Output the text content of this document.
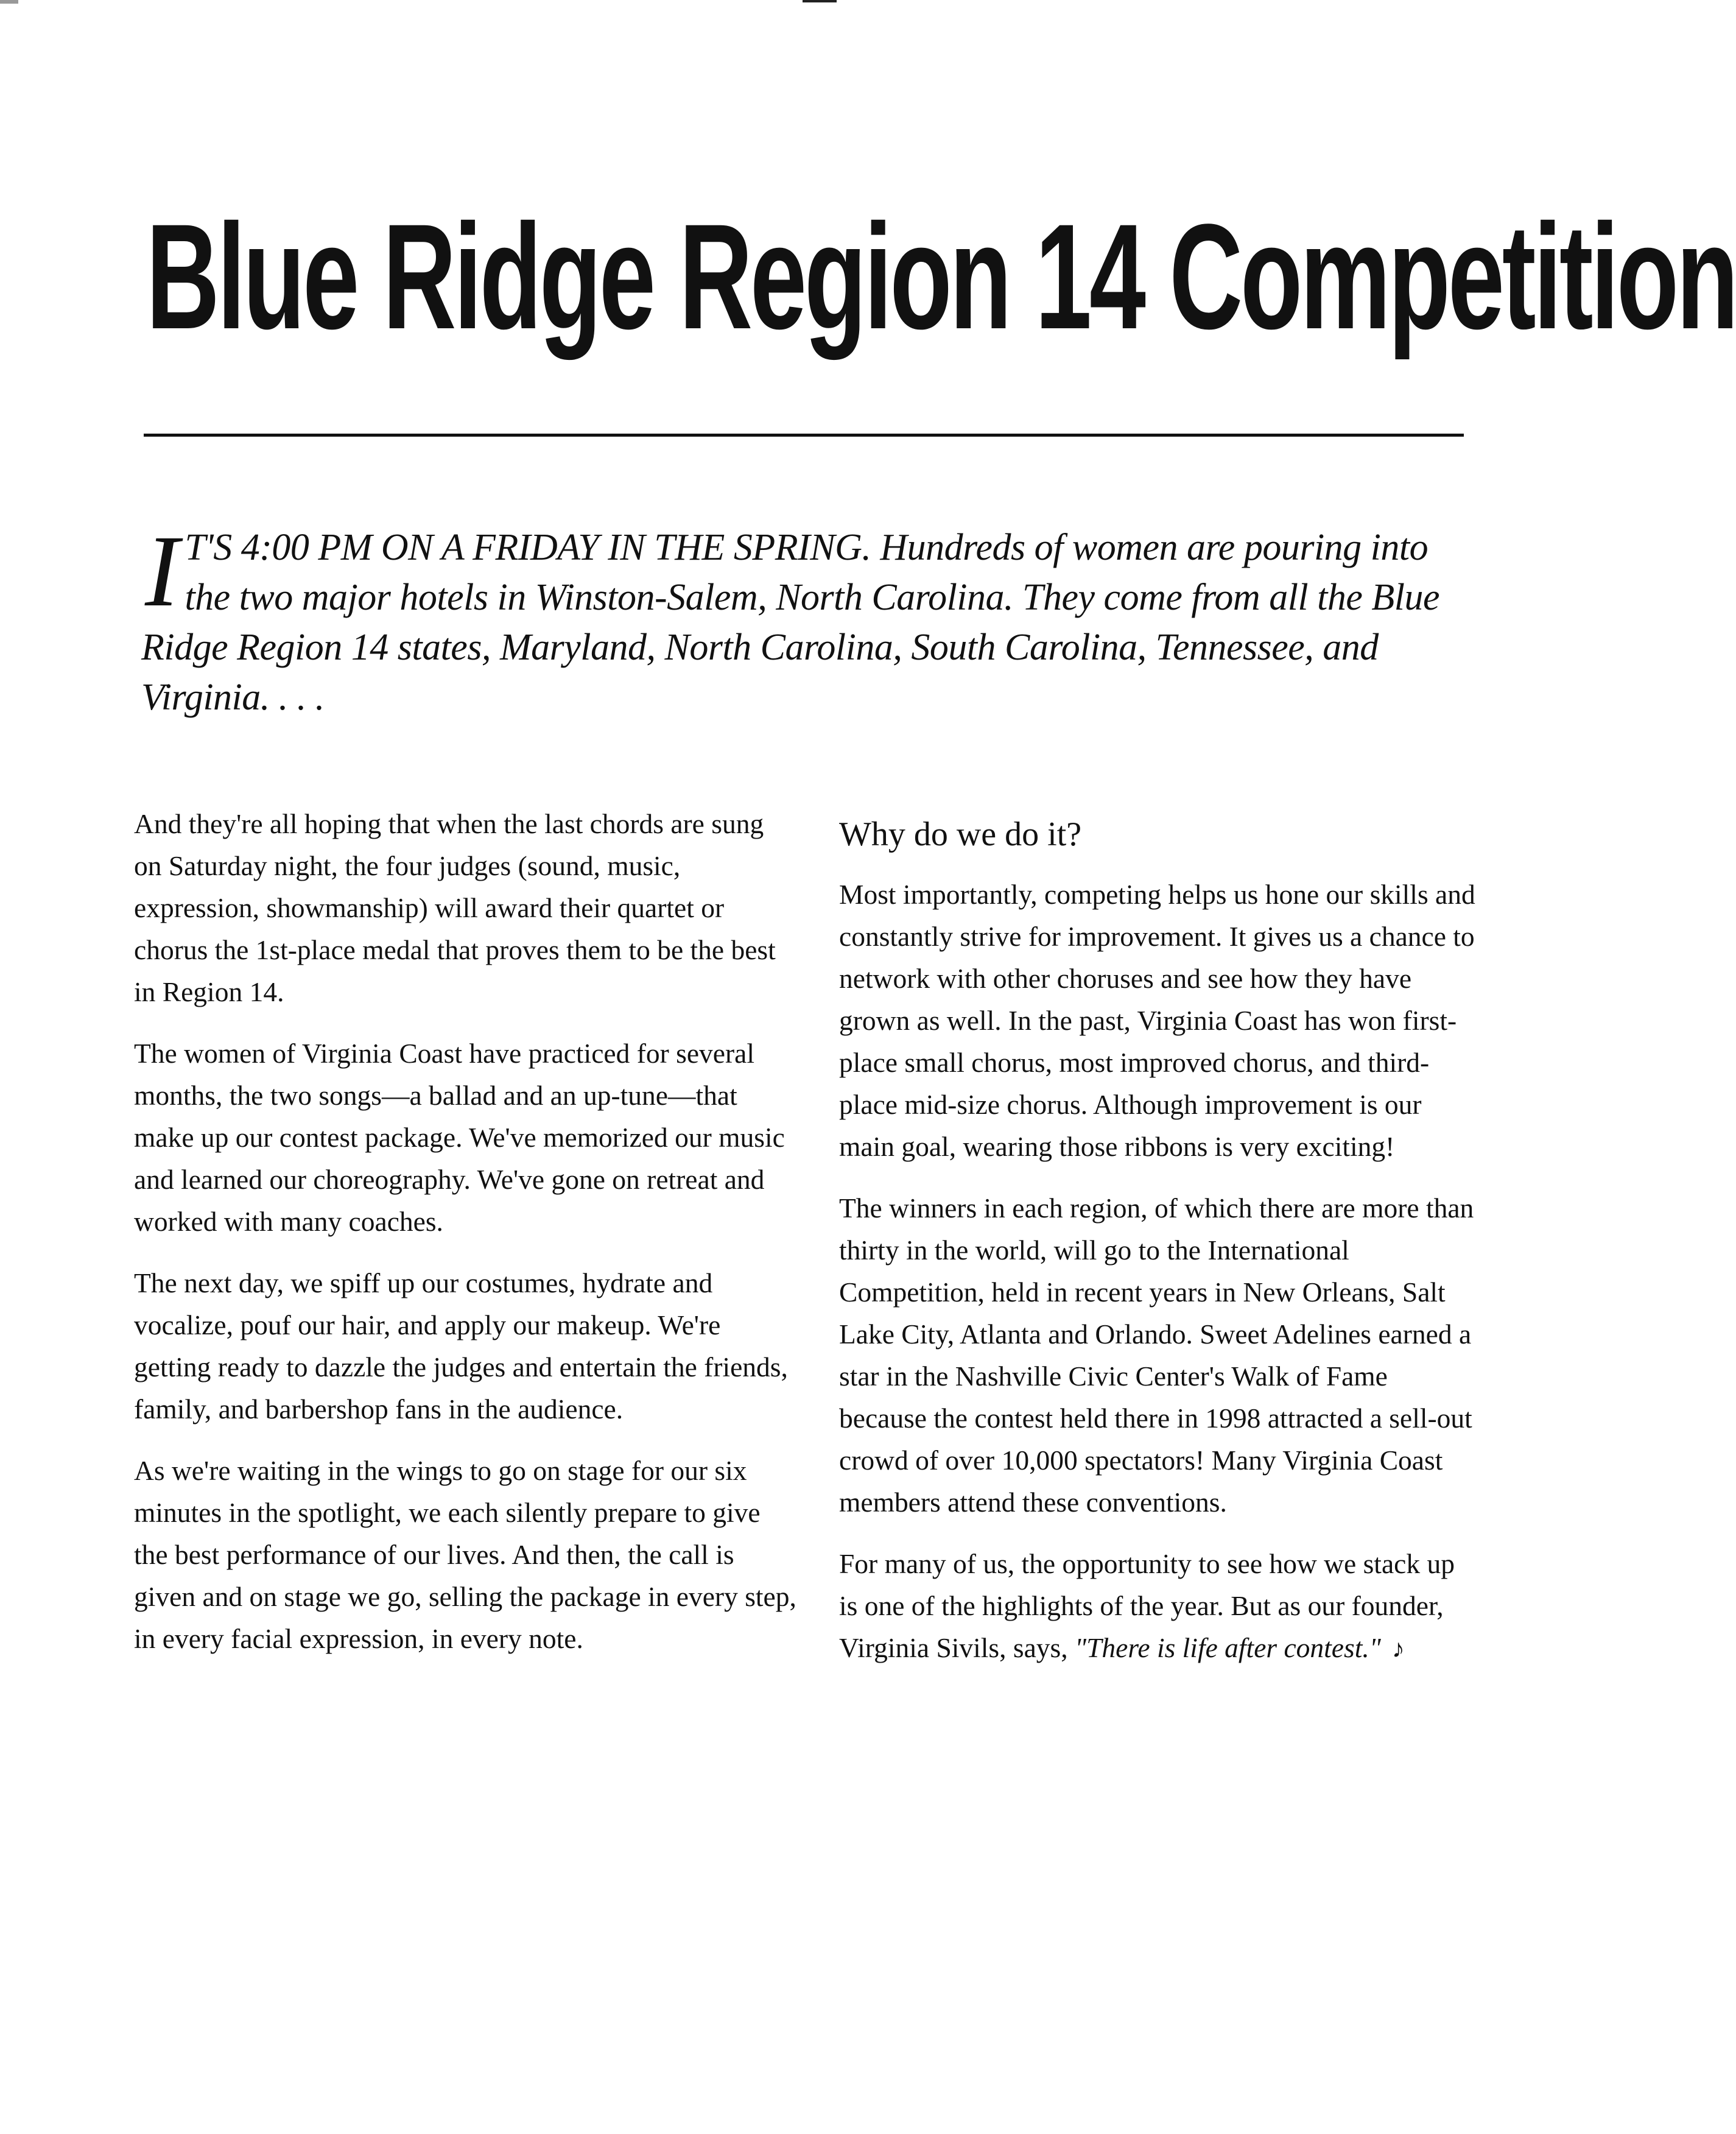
Blue Ridge Region 14 Competition

I T'S 4:00 PM ON A FRIDAY IN THE SPRING. Hundreds of women are pouring into the two major hotels in Winston-Salem, North Carolina. They come from all the Blue Ridge Region 14 states, Maryland, North Carolina, South Carolina, Tennessee, and Virginia. . . .

And they're all hoping that when the last chords are sung on Saturday night, the four judges (sound, music, expression, showmanship) will award their quartet or chorus the 1st-place medal that proves them to be the best in Region 14.

The women of Virginia Coast have practiced for several months, the two songs—a ballad and an up-tune—that make up our contest package. We've memorized our music and learned our choreography. We've gone on retreat and worked with many coaches.

The next day, we spiff up our costumes, hydrate and vocalize, pouf our hair, and apply our makeup. We're getting ready to dazzle the judges and entertain the friends, family, and barbershop fans in the audience.

As we're waiting in the wings to go on stage for our six minutes in the spotlight, we each silently prepare to give the best performance of our lives. And then, the call is given and on stage we go, selling the package in every step, in every facial expression, in every note.

Why do we do it?

Most importantly, competing helps us hone our skills and constantly strive for improvement. It gives us a chance to network with other choruses and see how they have grown as well. In the past, Virginia Coast has won first-place small chorus, most improved chorus, and third-place mid-size chorus. Although improvement is our main goal, wearing those ribbons is very exciting!

The winners in each region, of which there are more than thirty in the world, will go to the International Competition, held in recent years in New Orleans, Salt Lake City, Atlanta and Orlando. Sweet Adelines earned a star in the Nashville Civic Center's Walk of Fame because the contest held there in 1998 attracted a sell-out crowd of over 10,000 spectators! Many Virginia Coast members attend these conventions.

For many of us, the opportunity to see how we stack up is one of the highlights of the year. But as our founder, Virginia Sivils, says, "There is life after contest." ♪
